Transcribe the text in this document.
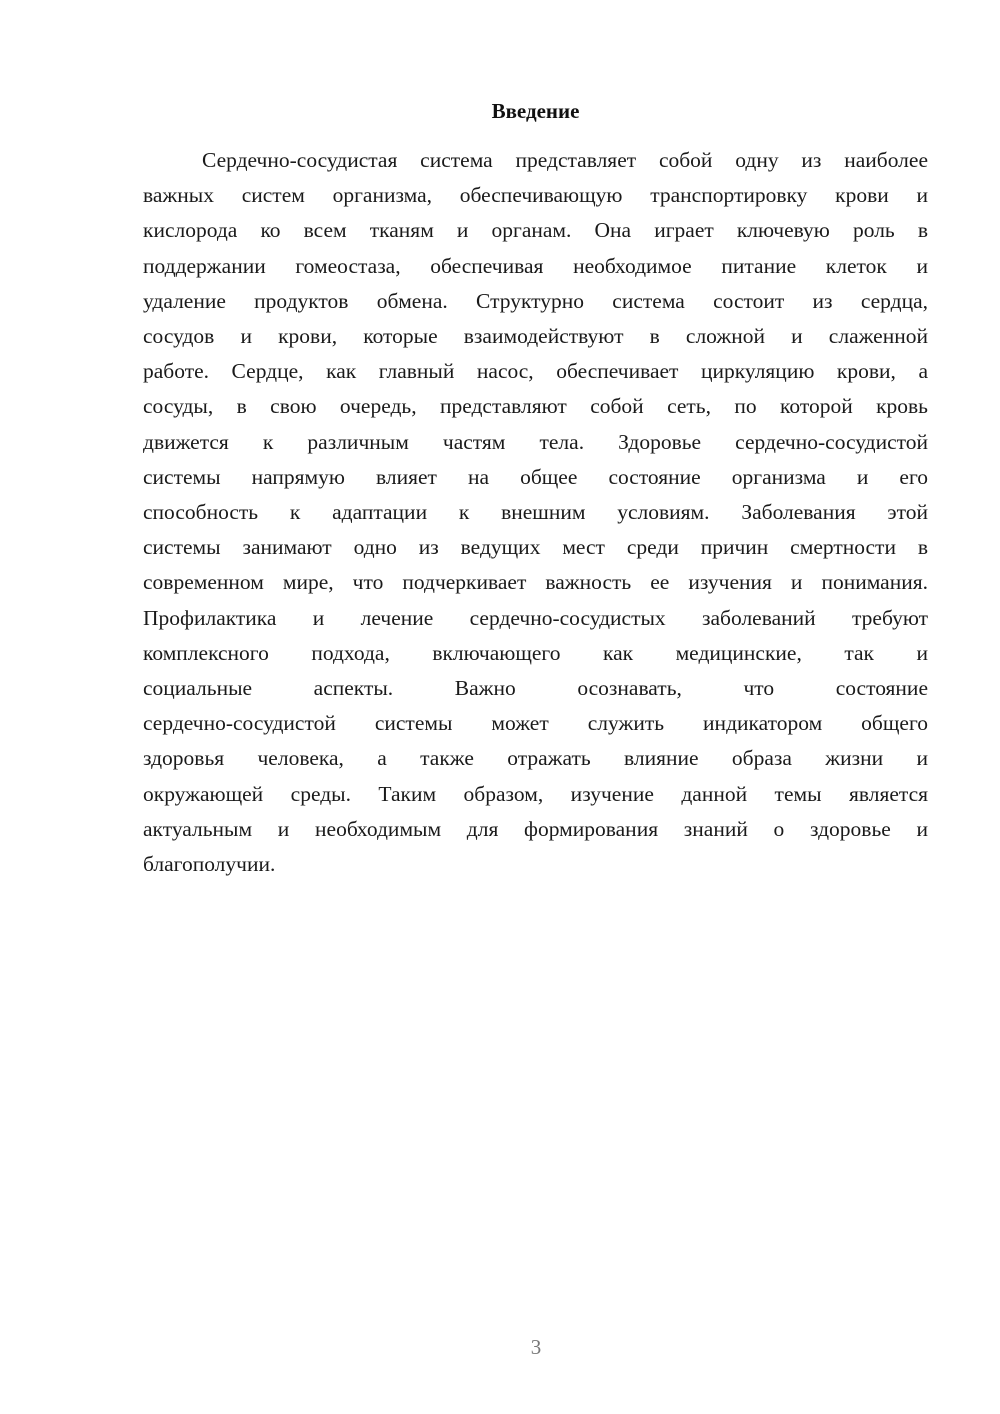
Введение
Сердечно-сосудистая система представляет собой одну из наиболее
важных систем организма, обеспечивающую транспортировку крови и
кислорода ко всем тканям и органам. Она играет ключевую роль в
поддержании гомеостаза, обеспечивая необходимое питание клеток и
удаление продуктов обмена. Структурно система состоит из сердца,
сосудов и крови, которые взаимодействуют в сложной и слаженной
работе. Сердце, как главный насос, обеспечивает циркуляцию крови, а
сосуды, в свою очередь, представляют собой сеть, по которой кровь
движется к различным частям тела. Здоровье сердечно-сосудистой
системы напрямую влияет на общее состояние организма и его
способность к адаптации к внешним условиям. Заболевания этой
системы занимают одно из ведущих мест среди причин смертности в
современном мире, что подчеркивает важность ее изучения и понимания.
Профилактика и лечение сердечно-сосудистых заболеваний требуют
комплексного подхода, включающего как медицинские, так и
социальные аспекты. Важно осознавать, что состояние
сердечно-сосудистой системы может служить индикатором общего
здоровья человека, а также отражать влияние образа жизни и
окружающей среды. Таким образом, изучение данной темы является
актуальным и необходимым для формирования знаний о здоровье и
благополучии.
3
